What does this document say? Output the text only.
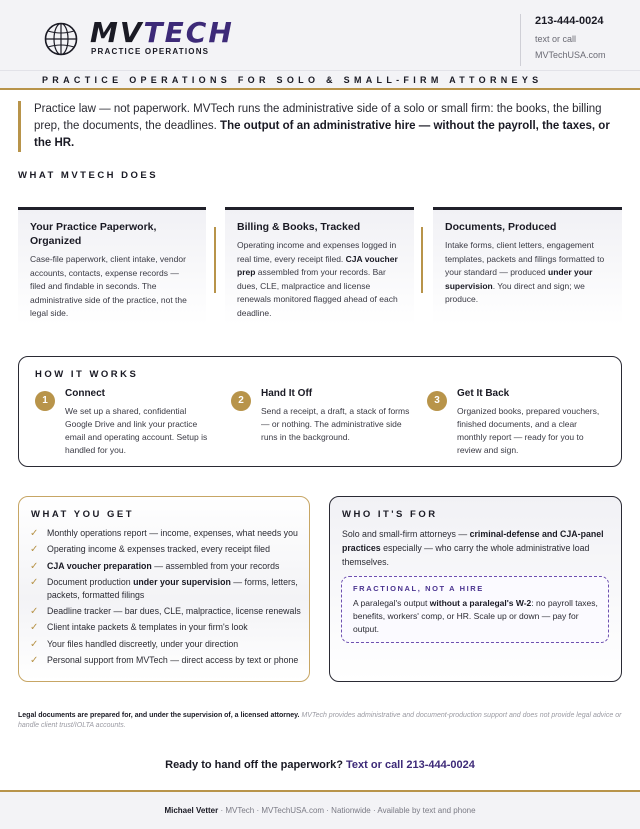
MVTECH
PRACTICE OPERATIONS
213-444-0024
text or call
MVTechUSA.com
PRACTICE OPERATIONS FOR SOLO & SMALL-FIRM ATTORNEYS
Practice law — not paperwork. MVTech runs the administrative side of a solo or small firm: the books, the billing prep, the documents, the deadlines. The output of an administrative hire — without the payroll, the taxes, or the HR.
WHAT MVTECH DOES
Your Practice Paperwork, Organized
Case-file paperwork, client intake, vendor accounts, contacts, expense records — filed and findable in seconds. The administrative side of the practice, not the legal side.
Billing & Books, Tracked
Operating income and expenses logged in real time, every receipt filed. CJA voucher prep assembled from your records. Bar dues, CLE, malpractice and license renewals monitored flagged ahead of each deadline.
Documents, Produced
Intake forms, client letters, engagement templates, packets and filings formatted to your standard — produced under your supervision. You direct and sign; we produce.
HOW IT WORKS
1
Connect
We set up a shared, confidential Google Drive and link your practice email and operating account. Setup is handled for you.
2
Hand It Off
Send a receipt, a draft, a stack of forms — or nothing. The administrative side runs in the background.
3
Get It Back
Organized books, prepared vouchers, finished documents, and a clear monthly report — ready for you to review and sign.
WHAT YOU GET
✓ Monthly operations report — income, expenses, what needs you
✓ Operating income & expenses tracked, every receipt filed
✓ CJA voucher preparation — assembled from your records
✓ Document production under your supervision — forms, letters, packets, formatted filings
✓ Deadline tracker — bar dues, CLE, malpractice, license renewals
✓ Client intake packets & templates in your firm's look
✓ Your files handled discreetly, under your direction
✓ Personal support from MVTech — direct access by text or phone
WHO IT'S FOR
Solo and small-firm attorneys — criminal-defense and CJA-panel practices especially — who carry the whole administrative load themselves.
FRACTIONAL, NOT A HIRE
A paralegal's output without a paralegal's W-2: no payroll taxes, benefits, workers' comp, or HR. Scale up or down — pay for output.
Legal documents are prepared for, and under the supervision of, a licensed attorney. MVTech provides administrative and document-production support and does not provide legal advice or handle client trust/IOLTA accounts.
Ready to hand off the paperwork? Text or call 213-444-0024
Michael Vetter · MVTech · MVTechUSA.com · Nationwide · Available by text and phone
